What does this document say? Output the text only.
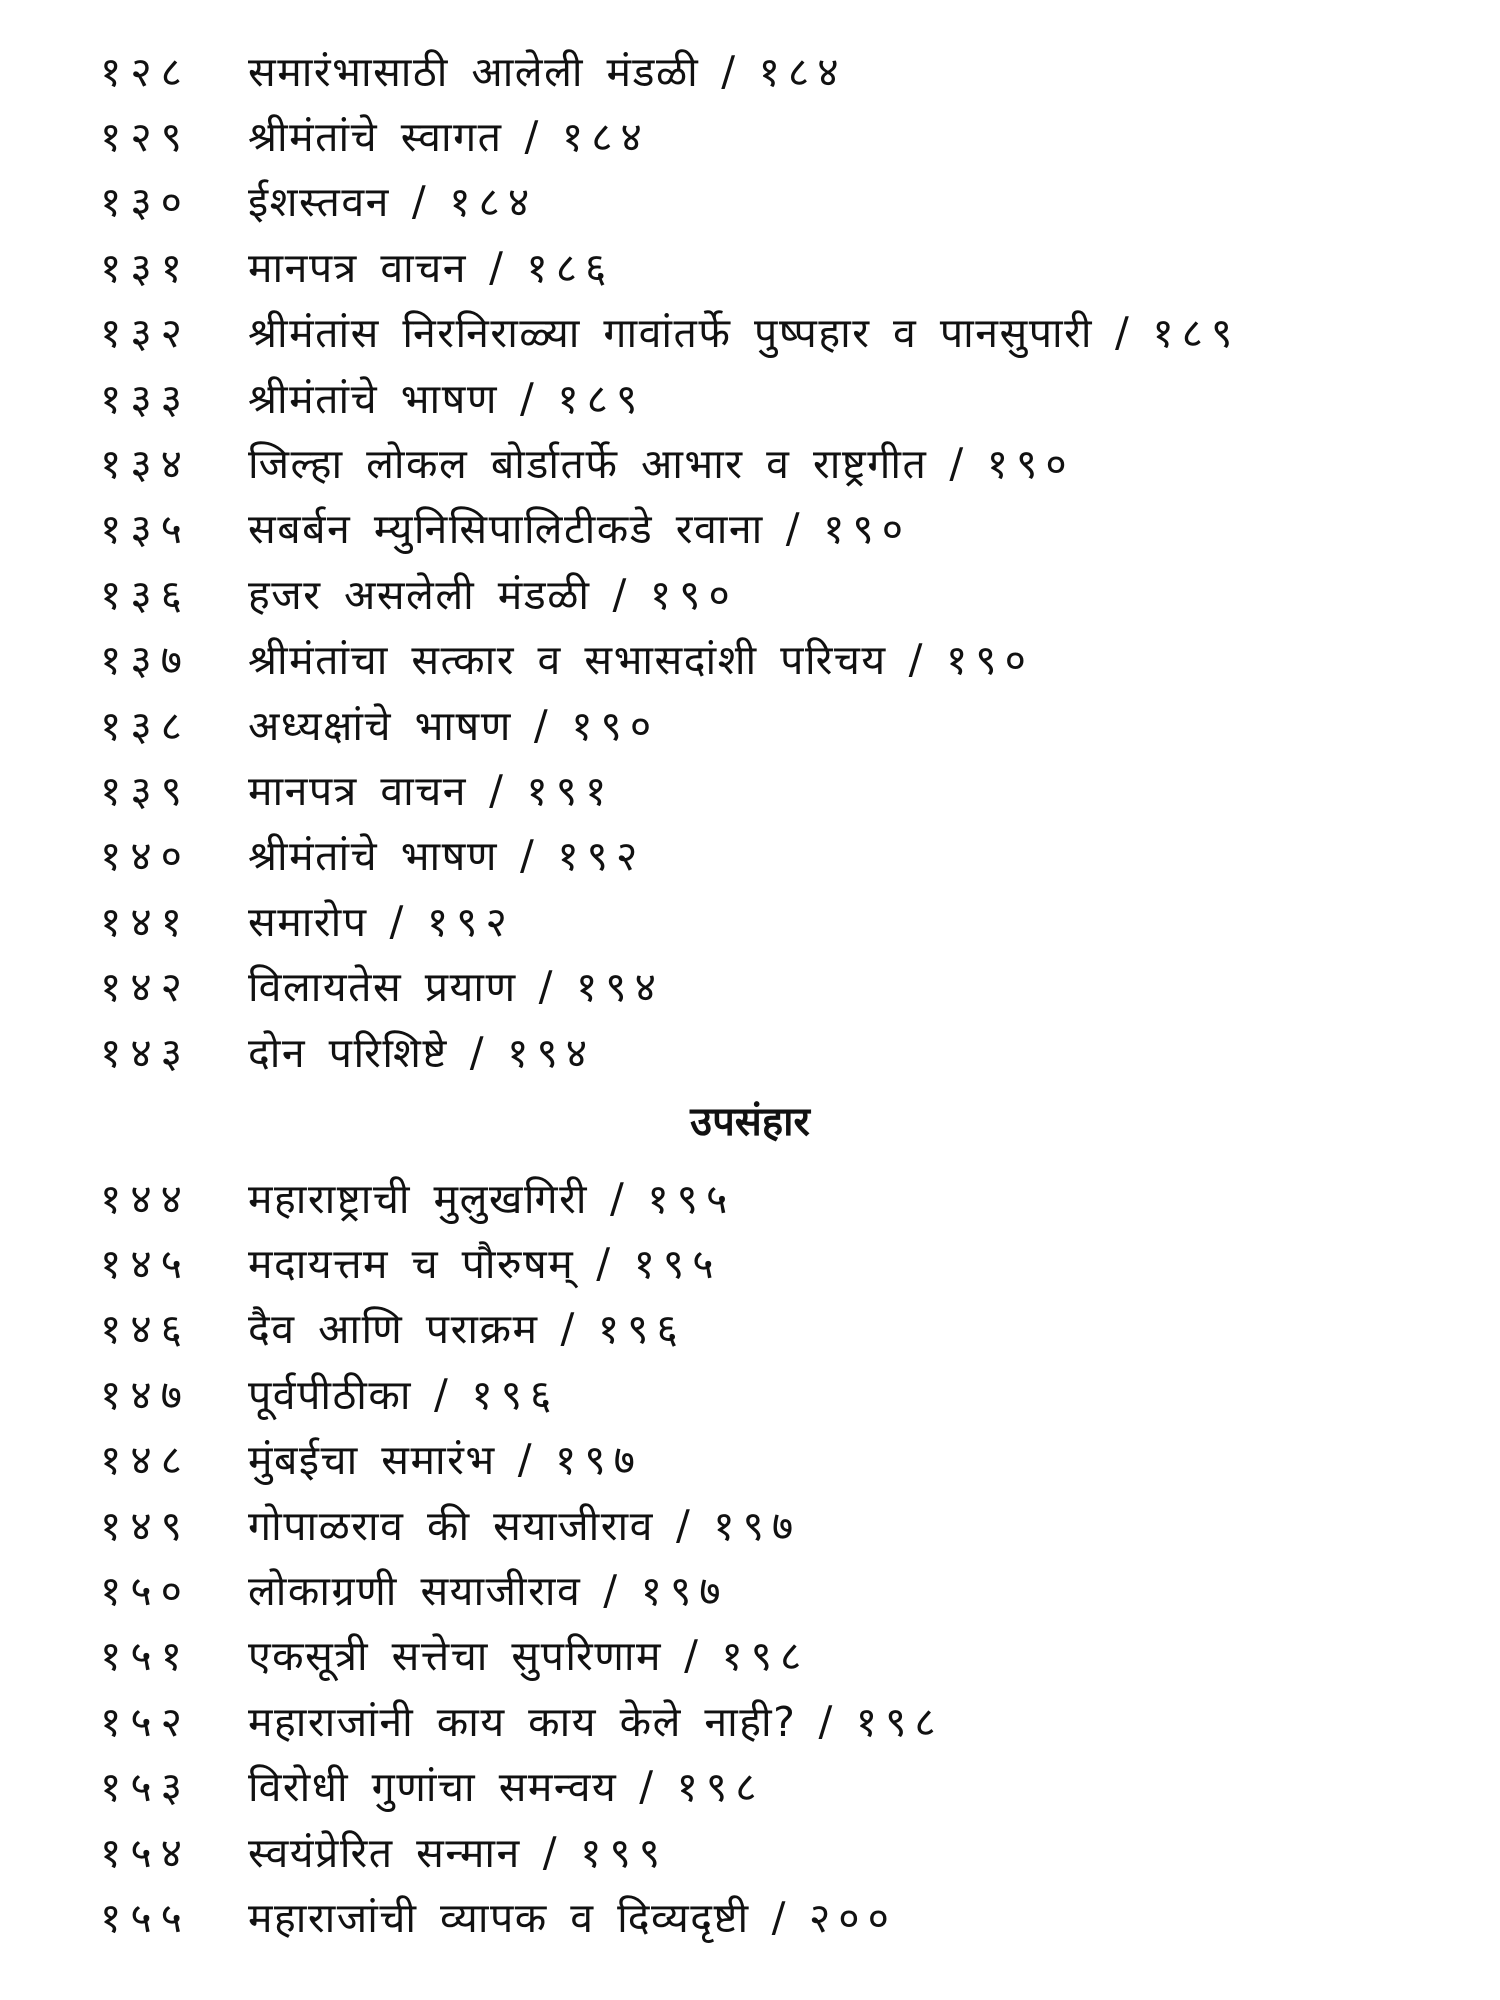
१२८	समारंभासाठी आलेली मंडळी / १८४
१२९	श्रीमंतांचे स्वागत / १८४
१३०	ईशस्तवन / १८४
१३१	मानपत्र वाचन / १८६
१३२	श्रीमंतांस निरनिराळ्या गावांतर्फे पुष्पहार व पानसुपारी / १८९
१३३	श्रीमंतांचे भाषण / १८९
१३४	जिल्हा लोकल बोर्डातर्फे आभार व राष्ट्रगीत / १९०
१३५	सबर्बन म्युनिसिपालिटीकडे रवाना / १९०
१३६	हजर असलेली मंडळी / १९०
१३७	श्रीमंतांचा सत्कार व सभासदांशी परिचय / १९०
१३८	अध्यक्षांचे भाषण / १९०
१३९	मानपत्र वाचन / १९१
१४०	श्रीमंतांचे भाषण / १९२
१४१	समारोप / १९२
१४२	विलायतेस प्रयाण / १९४
१४३	दोन परिशिष्टे / १९४
उपसंहार
१४४	महाराष्ट्राची मुलुखगिरी / १९५
१४५	मदायत्तम च पौरुषम् / १९५
१४६	दैव आणि पराक्रम / १९६
१४७	पूर्वपीठीका / १९६
१४८	मुंबईचा समारंभ / १९७
१४९	गोपाळराव की सयाजीराव / १९७
१५०	लोकाग्रणी सयाजीराव / १९७
१५१	एकसूत्री सत्तेचा सुपरिणाम / १९८
१५२	महाराजांनी काय काय केले नाही? / १९८
१५३	विरोधी गुणांचा समन्वय / १९८
१५४	स्वयंप्रेरित सन्मान / १९९
१५५	महाराजांची व्यापक व दिव्यदृष्टी / २००
